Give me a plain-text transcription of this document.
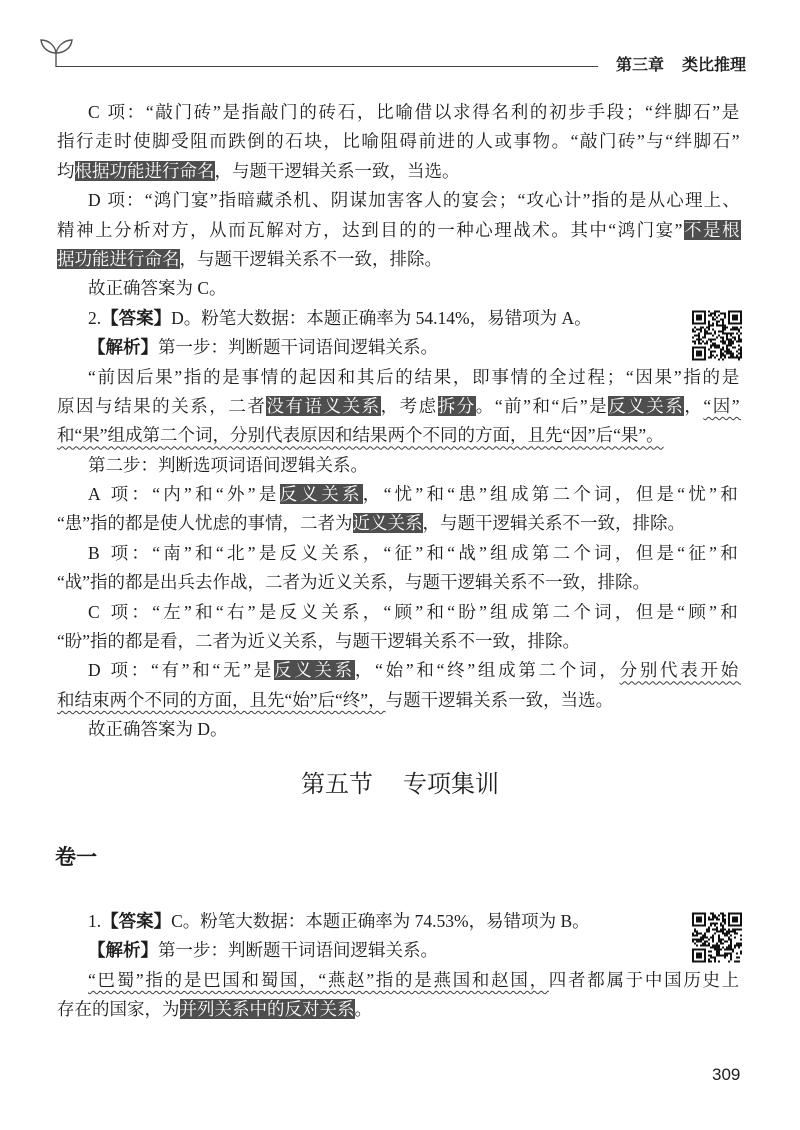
第三章 类比推理
C 项：“敲门砖”是指敲门的砖石，比喻借以求得名利的初步手段；“绊脚石”是
指行走时使脚受阻而跌倒的石块，比喻阻碍前进的人或事物。“敲门砖”与“绊脚石”
均根据功能进行命名，与题干逻辑关系一致，当选。
D 项：“鸿门宴”指暗藏杀机、阴谋加害客人的宴会；“攻心计”指的是从心理上、
精神上分析对方，从而瓦解对方，达到目的的一种心理战术。其中“鸿门宴”不是根
据功能进行命名，与题干逻辑关系不一致，排除。
故正确答案为 C。
2.【答案】D。粉笔大数据：本题正确率为 54.14%，易错项为 A。
【解析】第一步：判断题干词语间逻辑关系。
“前因后果”指的是事情的起因和其后的结果，即事情的全过程；“因果”指的是
原因与结果的关系，二者没有语义关系，考虑拆分。“前”和“后”是反义关系，“因”
和“果”组成第二个词，分别代表原因和结果两个不同的方面，且先“因”后“果”。
第二步：判断选项词语间逻辑关系。
A 项：“内”和“外”是反义关系，“忧”和“患”组成第二个词，但是“忧”和
“患”指的都是使人忧虑的事情，二者为近义关系，与题干逻辑关系不一致，排除。
B 项：“南”和“北”是反义关系，“征”和“战”组成第二个词，但是“征”和
“战”指的都是出兵去作战，二者为近义关系，与题干逻辑关系不一致，排除。
C 项：“左”和“右”是反义关系，“顾”和“盼”组成第二个词，但是“顾”和
“盼”指的都是看，二者为近义关系，与题干逻辑关系不一致，排除。
D 项：“有”和“无”是反义关系，“始”和“终”组成第二个词，分别代表开始
和结束两个不同的方面，且先“始”后“终”，与题干逻辑关系一致，当选。
故正确答案为 D。
第五节 专项集训
卷一
1.【答案】C。粉笔大数据：本题正确率为 74.53%，易错项为 B。
【解析】第一步：判断题干词语间逻辑关系。
“巴蜀”指的是巴国和蜀国，“燕赵”指的是燕国和赵国，四者都属于中国历史上
存在的国家，为并列关系中的反对关系。
309
